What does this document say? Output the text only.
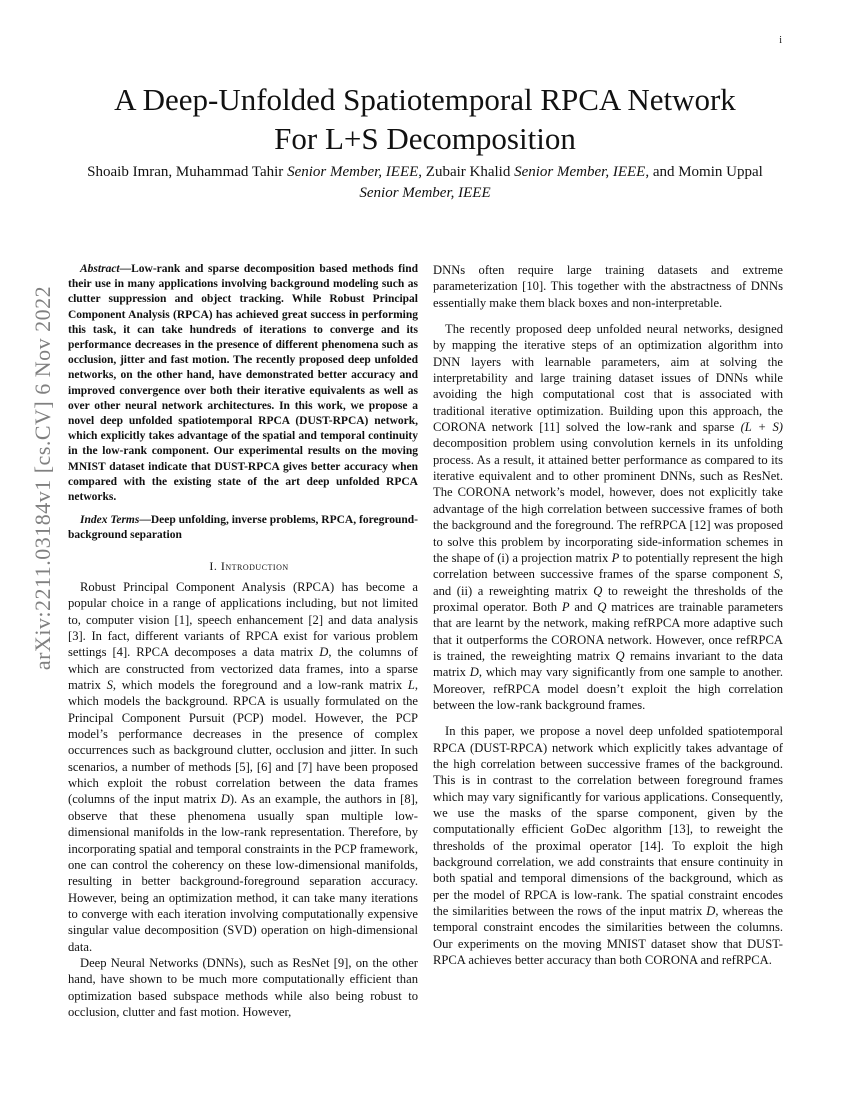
i
arXiv:2211.03184v1 [cs.CV] 6 Nov 2022
A Deep-Unfolded Spatiotemporal RPCA Network
For L+S Decomposition
Shoaib Imran, Muhammad Tahir Senior Member, IEEE, Zubair Khalid Senior Member, IEEE, and Momin Uppal
Senior Member, IEEE

Abstract—Low-rank and sparse decomposition based methods find their use in many applications involving background modeling such as clutter suppression and object tracking. While Robust Principal Component Analysis (RPCA) has achieved great success in performing this task, it can take hundreds of iterations to converge and its performance decreases in the presence of different phenomena such as occlusion, jitter and fast motion. The recently proposed deep unfolded networks, on the other hand, have demonstrated better accuracy and improved convergence over both their iterative equivalents as well as over other neural network architectures. In this work, we propose a novel deep unfolded spatiotemporal RPCA (DUST-RPCA) network, which explicitly takes advantage of the spatial and temporal continuity in the low-rank component. Our experimental results on the moving MNIST dataset indicate that DUST-RPCA gives better accuracy when compared with the existing state of the art deep unfolded RPCA networks.

Index Terms—Deep unfolding, inverse problems, RPCA, foreground-background separation

I. Introduction

Robust Principal Component Analysis (RPCA) has become a popular choice in a range of applications including, but not limited to, computer vision [1], speech enhancement [2] and data analysis [3]. In fact, different variants of RPCA exist for various problem settings [4]. RPCA decomposes a data matrix D, the columns of which are constructed from vectorized data frames, into a sparse matrix S, which models the foreground and a low-rank matrix L, which models the background. RPCA is usually formulated on the Principal Component Pursuit (PCP) model. However, the PCP model’s performance decreases in the presence of complex occurrences such as background clutter, occlusion and jitter. In such scenarios, a number of methods [5], [6] and [7] have been proposed which exploit the robust correlation between the data frames (columns of the input matrix D). As an example, the authors in [8], observe that these phenomena usually span multiple low-dimensional manifolds in the low-rank representation. Therefore, by incorporating spatial and temporal constraints in the PCP framework, one can control the coherency on these low-dimensional manifolds, resulting in better background-foreground separation accuracy. However, being an optimization method, it can take many iterations to converge with each iteration involving computationally expensive singular value decomposition (SVD) operation on high-dimensional data.

Deep Neural Networks (DNNs), such as ResNet [9], on the other hand, have shown to be much more computationally efficient than optimization based subspace methods while also being robust to occlusion, clutter and fast motion. However,

DNNs often require large training datasets and extreme parameterization [10]. This together with the abstractness of DNNs essentially make them black boxes and non-interpretable.

The recently proposed deep unfolded neural networks, designed by mapping the iterative steps of an optimization algorithm into DNN layers with learnable parameters, aim at solving the interpretability and large training dataset issues of DNNs while avoiding the high computational cost that is associated with traditional iterative optimization. Building upon this approach, the CORONA network [11] solved the low-rank and sparse (L + S) decomposition problem using convolution kernels in its unfolding process. As a result, it attained better performance as compared to its iterative equivalent and to other prominent DNNs, such as ResNet. The CORONA network’s model, however, does not explicitly take advantage of the high correlation between successive frames of both the background and the foreground. The refRPCA [12] was proposed to solve this problem by incorporating side-information schemes in the shape of (i) a projection matrix P to potentially represent the high correlation between successive frames of the sparse component S, and (ii) a reweighting matrix Q to reweight the thresholds of the proximal operator. Both P and Q matrices are trainable parameters that are learnt by the network, making refRPCA more adaptive such that it outperforms the CORONA network. However, once refRPCA is trained, the reweighting matrix Q remains invariant to the data matrix D, which may vary significantly from one sample to another. Moreover, refRPCA model doesn’t exploit the high correlation between the low-rank background frames.

In this paper, we propose a novel deep unfolded spatiotemporal RPCA (DUST-RPCA) network which explicitly takes advantage of the high correlation between successive frames of the background. This is in contrast to the correlation between foreground frames which may vary significantly for various applications. Consequently, we use the masks of the sparse component, given by the computationally efficient GoDec algorithm [13], to reweight the thresholds of the proximal operator [14]. To exploit the high background correlation, we add constraints that ensure continuity in both spatial and temporal dimensions of the background, which as per the model of RPCA is low-rank. The spatial constraint encodes the similarities between the rows of the input matrix D, whereas the temporal constraint encodes the similarities between the columns. Our experiments on the moving MNIST dataset show that DUST-RPCA achieves better accuracy than both CORONA and refRPCA.
